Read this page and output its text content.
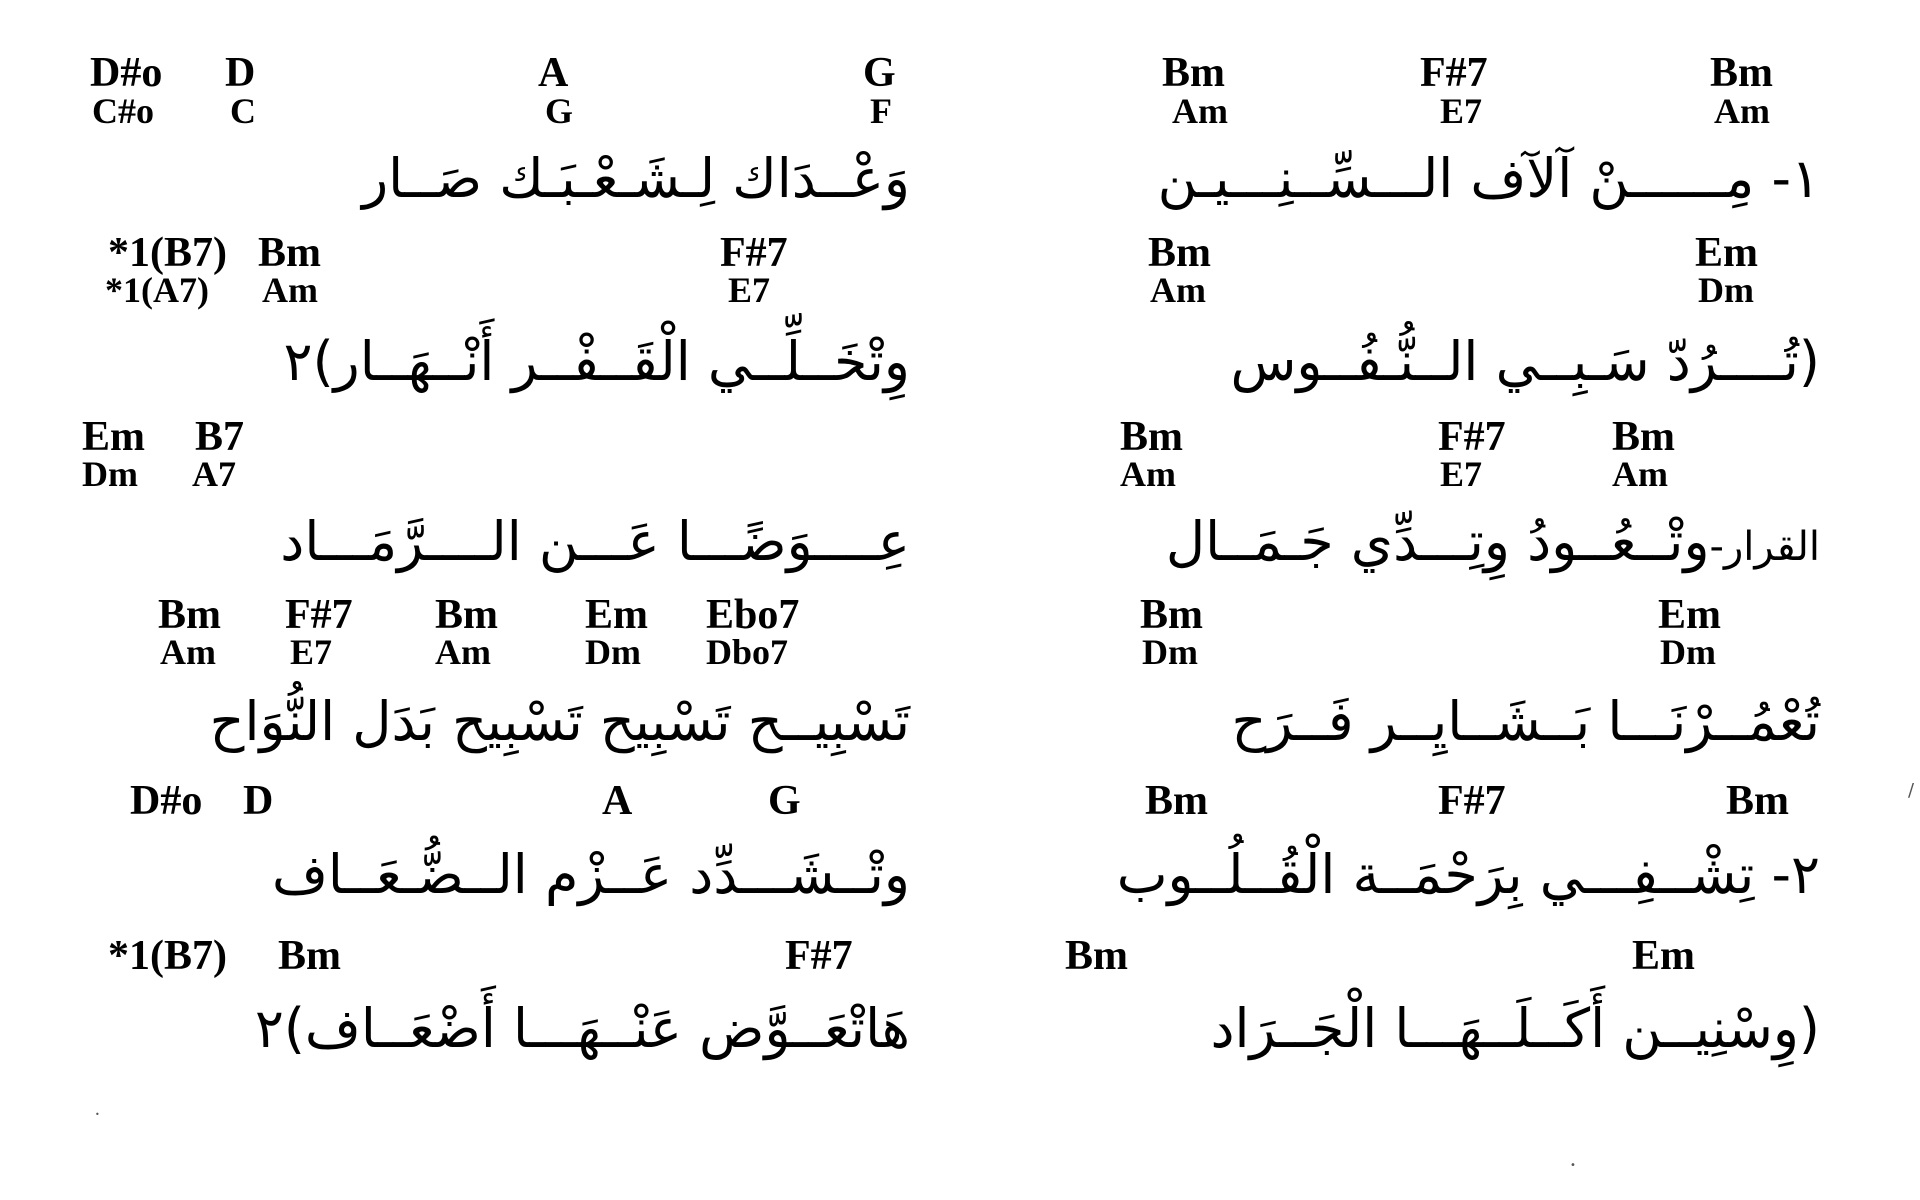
D#o D	A	G
C#o C	G	F
وَعْــدَاك لِـشَـعْـبَـك صَــار
*1(B7) Bm	F#7
*1(A7) Am	E7
وِتْخَــلِّــي الْقَــفْــر أَنْــهَــار)٢
Em B7
Dm A7
عِــــوَضًـــا عَـــن الــــرَّمَـــاد
Bm F#7 Bm Em Ebo7
Am E7	Am	Dm Dbo7
تَسْبِيــح تَسْبِيح تَسْبِيح بَدَل النُّوَاح
D#o D	A	G
وتْــشَـــدِّد عَــزْم الــضُّـعَــاف
*1(B7) Bm	F#7
هَاتْعَــوَّض عَنْــهَـــا أَضْعَــاف)٢
Bm	F#7	Bm
Am	E7	Am
١- مِــــــنْ آلآف الـــسِّــنِـــيـن
Bm	Em
Am	Dm
(تُــــرُدّ سَـبِــي الــنُّـفُــوس
Bm	F#7	Bm
Am	E7	Am
القرار-وتْــعُــودُ وِتِـــدِّي جَـمَــال
Bm	Em
Dm	Dm
تُعْمُــرْنَـــا بَــشَــايِــر فَــرَح
Bm	F#7	Bm
٢- تِشْــفِـــي بِرَحْمَــة الْقُــلُــوب
Bm	Em
(وِسْنِيــن أَكَــلَــهَـــا الْجَــرَاد
/
•
•
